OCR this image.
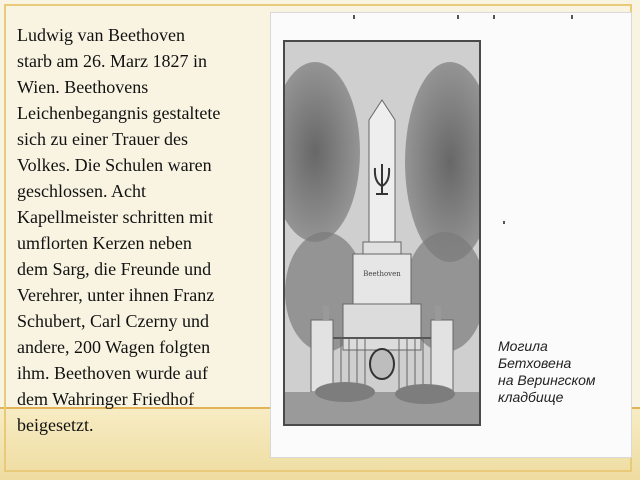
Ludwig van Beethoven
starb am 26. Marz 1827 in
Wien. Beethovens
Leichenbegangnis gestaltete
sich zu einer Trauer des
Volkes. Die Schulen waren
geschlossen. Acht
Kapellmeister schritten mit
umflorten Kerzen neben
dem Sarg, die Freunde und
Verehrer, unter ihnen Franz
Schubert, Carl Czerny und
andere, 200 Wagen folgten
ihm. Beethoven wurde auf
dem Wahringer Friedhof
beigesetzt.

Beethoven

Могила Бетховена
на Верингском
кладбище
